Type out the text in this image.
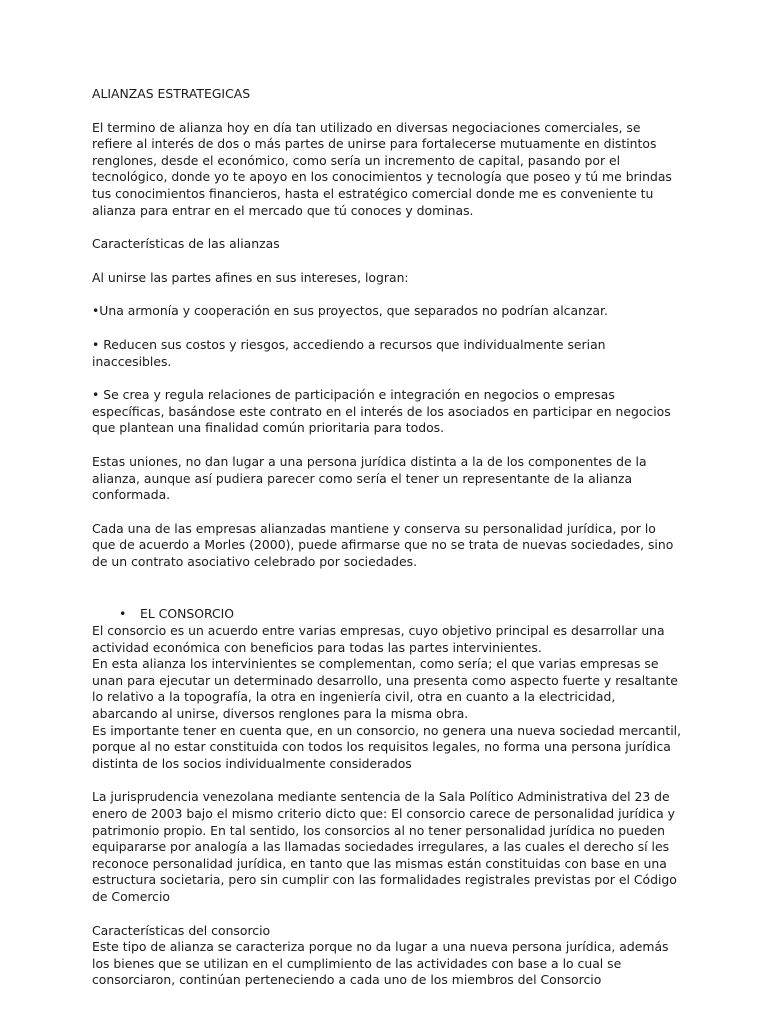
ALIANZAS ESTRATEGICAS

El termino de alianza hoy en día tan utilizado en diversas negociaciones comerciales, se refiere al interés de dos o más partes de unirse para fortalecerse mutuamente en distintos renglones, desde el económico, como sería un incremento de capital, pasando por el tecnológico, donde yo te apoyo en los conocimientos y tecnología que poseo y tú me brindas tus conocimientos financieros, hasta el estratégico comercial donde me es conveniente tu alianza para entrar en el mercado que tú conoces y dominas.

Características de las alianzas

Al unirse las partes afines en sus intereses, logran:

•Una armonía y cooperación en sus proyectos, que separados no podrían alcanzar.

• Reducen sus costos y riesgos, accediendo a recursos que individualmente serian inaccesibles.

• Se crea y regula relaciones de participación e integración en negocios o empresas específicas, basándose este contrato en el interés de los asociados en participar en negocios que plantean una finalidad común prioritaria para todos.

Estas uniones, no dan lugar a una persona jurídica distinta a la de los componentes de la alianza, aunque así pudiera parecer como sería el tener un representante de la alianza conformada.

Cada una de las empresas alianzadas mantiene y conserva su personalidad jurídica, por lo que de acuerdo a Morles (2000), puede afirmarse que no se trata de nuevas sociedades, sino de un contrato asociativo celebrado por sociedades.

• EL CONSORCIO

El consorcio es un acuerdo entre varias empresas, cuyo objetivo principal es desarrollar una actividad económica con beneficios para todas las partes intervinientes.

En esta alianza los intervinientes se complementan, como sería; el que varias empresas se unan para ejecutar un determinado desarrollo, una presenta como aspecto fuerte y resaltante lo relativo a la topografía, la otra en ingeniería civil, otra en cuanto a la electricidad, abarcando al unirse, diversos renglones para la misma obra.

Es importante tener en cuenta que, en un consorcio, no genera una nueva sociedad mercantil, porque al no estar constituida con todos los requisitos legales, no forma una persona jurídica distinta de los socios individualmente considerados

La jurisprudencia venezolana mediante sentencia de la Sala Político Administrativa del 23 de enero de 2003 bajo el mismo criterio dicto que: El consorcio carece de personalidad jurídica y patrimonio propio. En tal sentido, los consorcios al no tener personalidad jurídica no pueden equipararse por analogía a las llamadas sociedades irregulares, a las cuales el derecho sí les reconoce personalidad jurídica, en tanto que las mismas están constituidas con base en una estructura societaria, pero sin cumplir con las formalidades registrales previstas por el Código de Comercio

Características del consorcio

Este tipo de alianza se caracteriza porque no da lugar a una nueva persona jurídica, además los bienes que se utilizan en el cumplimiento de las actividades con base a lo cual se consorciaron, continúan perteneciendo a cada uno de los miembros del Consorcio
